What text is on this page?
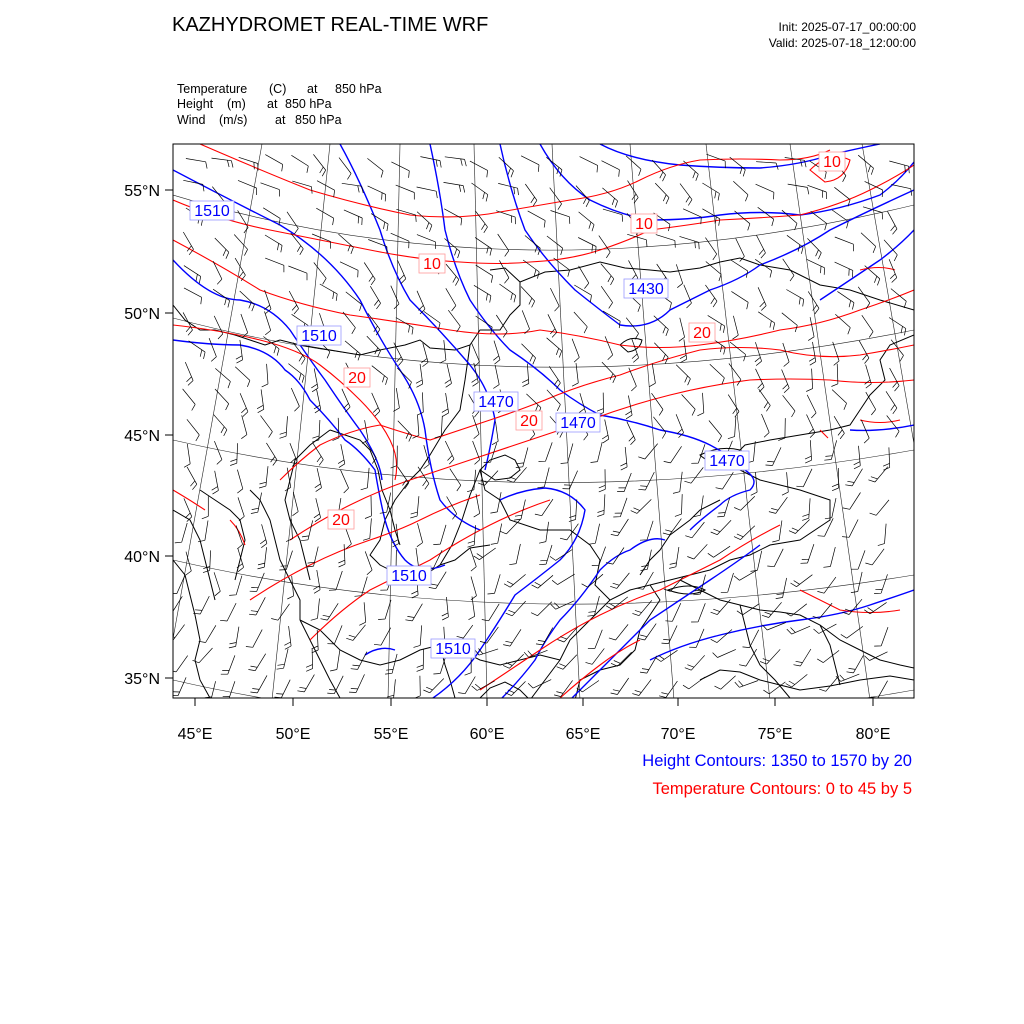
KAZHYDROMET REAL-TIME WRF	Init: 2025-07-17_00:00:00
Valid: 2025-07-18_12:00:00
Temperature (C) at 850 hPa
Height (m) at 850 hPa
Wind (m/s) at 850 hPa
55°N
50°N
45°N
40°N
35°N
45°E	50°E	55°E	60°E	65°E	70°E	75°E	80°E
1510
1510
1430
1470
1470
1470
1510
1510
10
10
10
20
20
20
20
Height Contours: 1350 to 1570 by 20
Temperature Contours: 0 to 45 by 5
